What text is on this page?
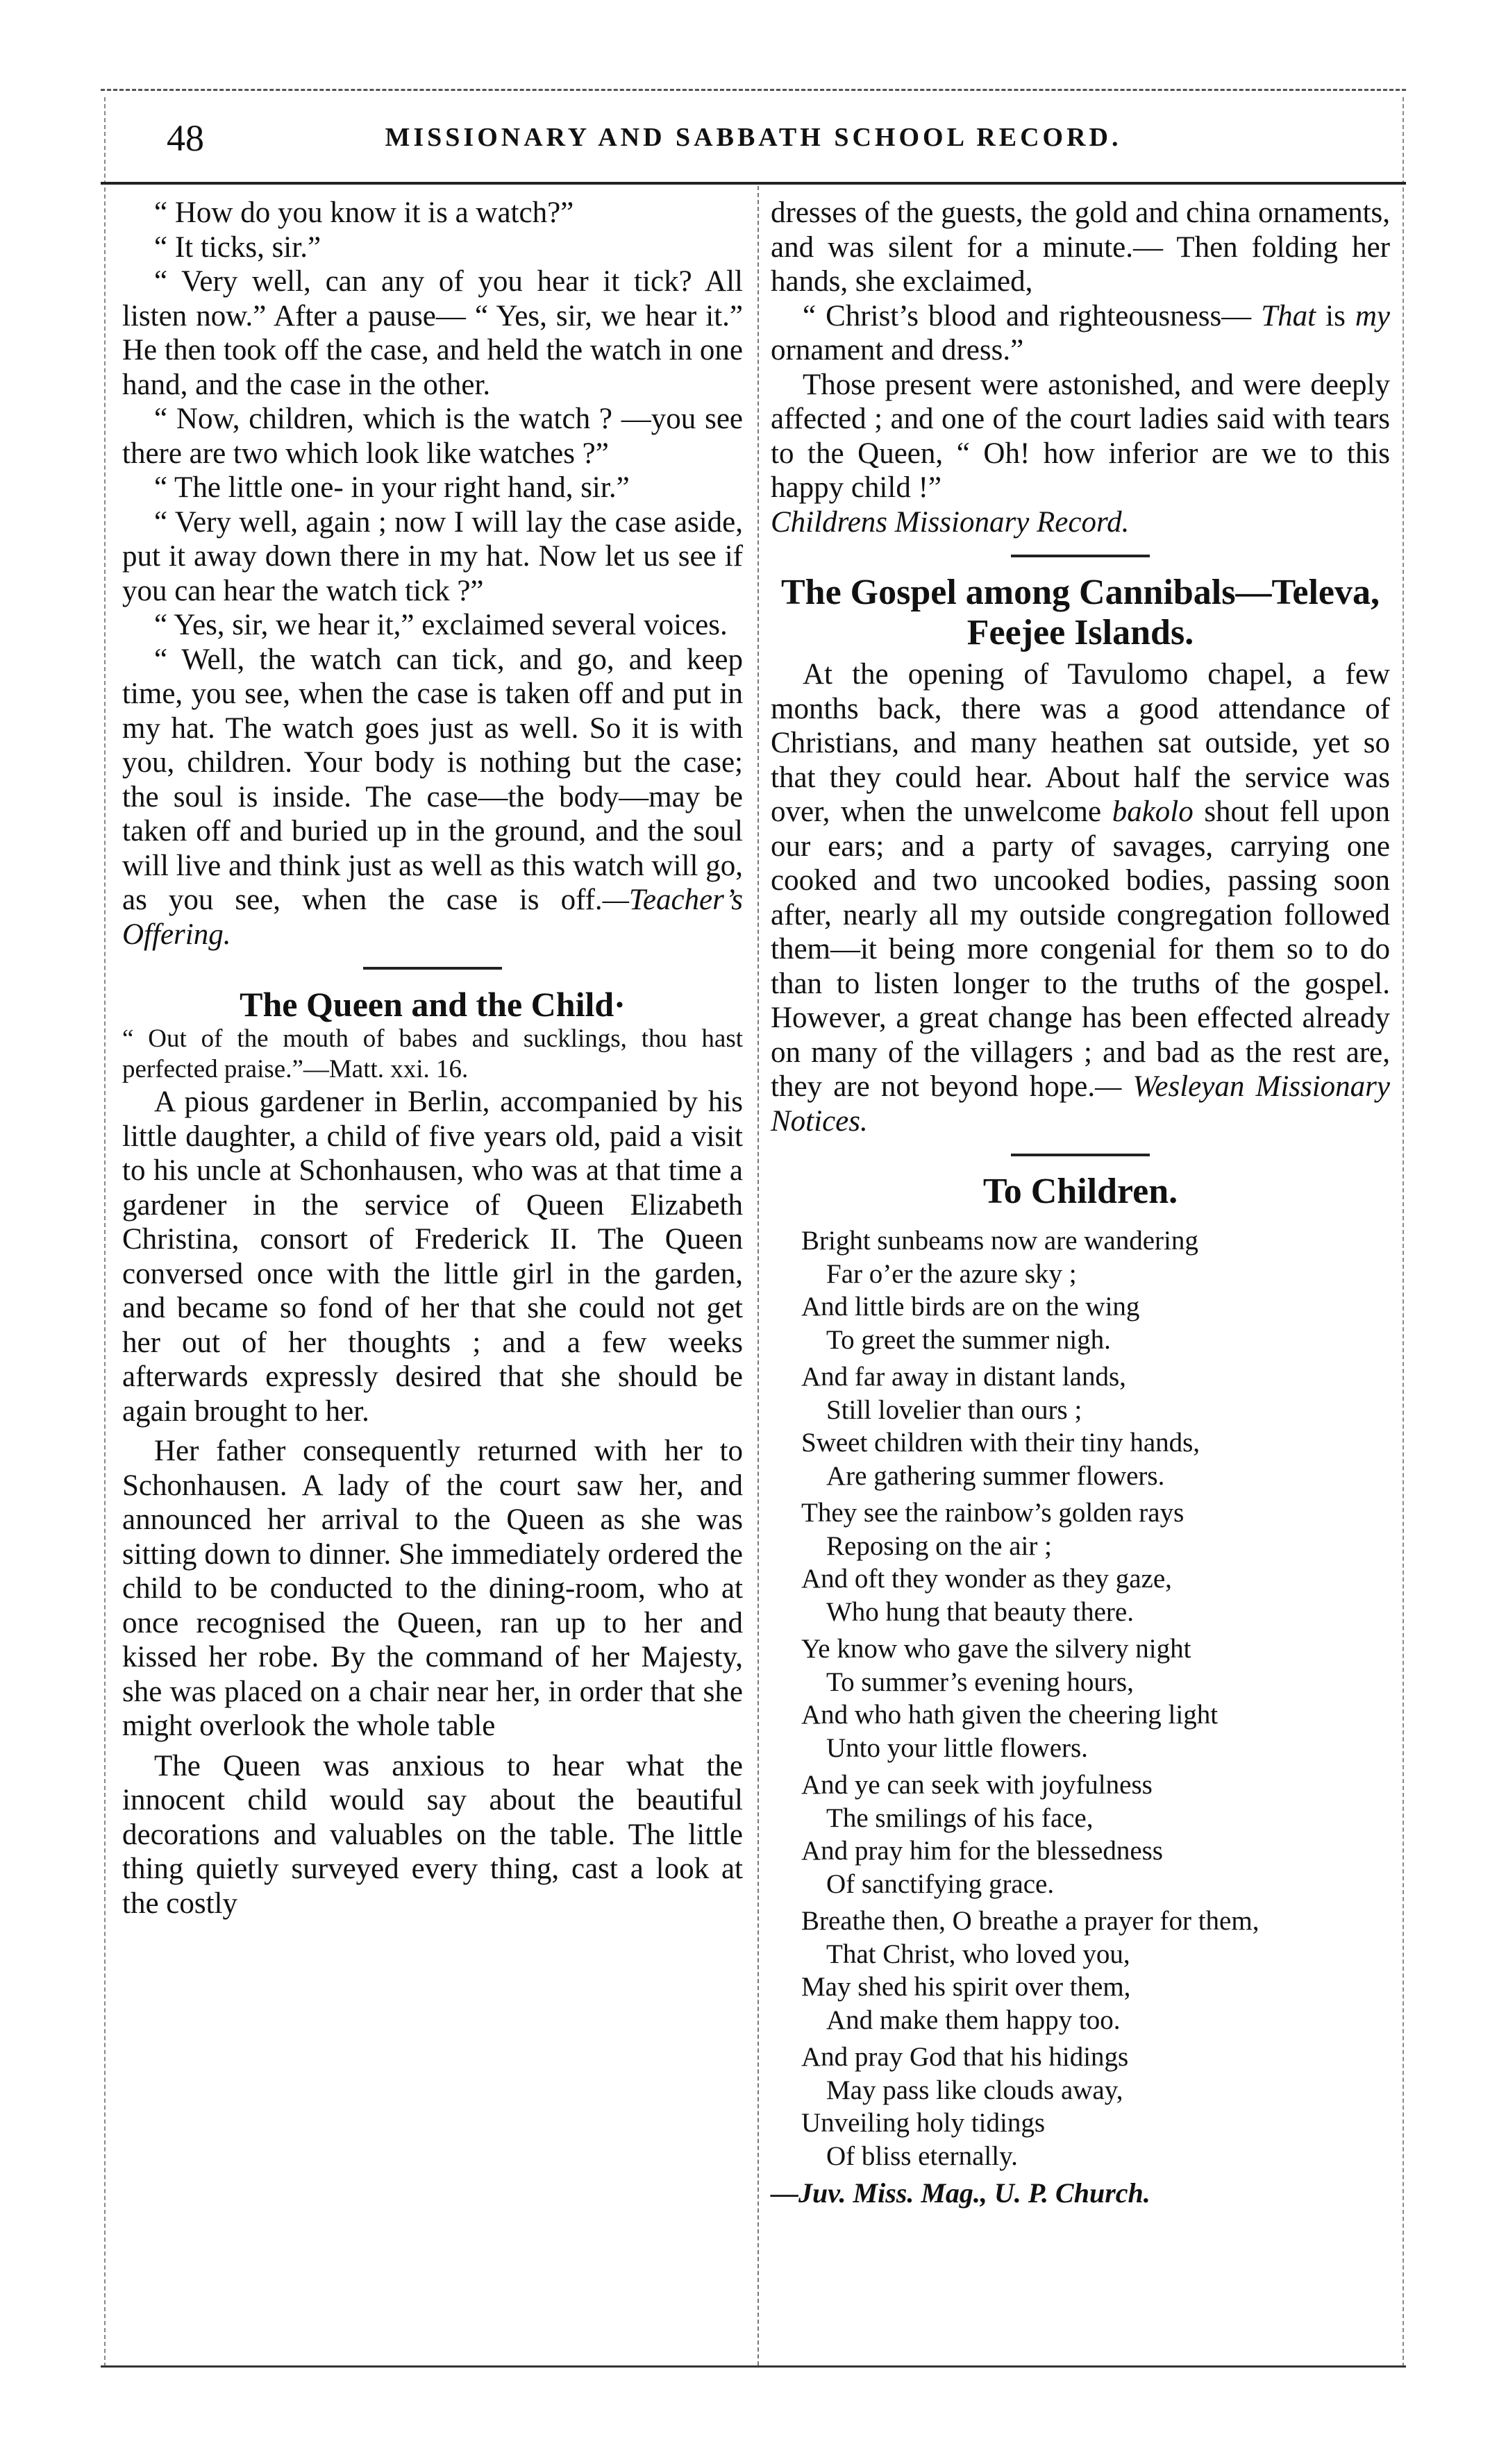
48	MISSIONARY AND SABBATH SCHOOL RECORD.

“ How do you know it is a watch?”

“ It ticks, sir.”

“ Very well, can any of you hear it tick? All listen now.” After a pause— “ Yes, sir, we hear it.” He then took off the case, and held the watch in one hand, and the case in the other.

“ Now, children, which is the watch ? —you see there are two which look like watches ?”

“ The little one- in your right hand, sir.”

“ Very well, again ; now I will lay the case aside, put it away down there in my hat. Now let us see if you can hear the watch tick ?”

“ Yes, sir, we hear it,” exclaimed several voices.

“ Well, the watch can tick, and go, and keep time, you see, when the case is taken off and put in my hat. The watch goes just as well. So it is with you, children. Your body is nothing but the case; the soul is inside. The case—the body—may be taken off and buried up in the ground, and the soul will live and think just as well as this watch will go, as you see, when the case is off.—Teacher’s Offering.

The Queen and the Child·

“ Out of the mouth of babes and sucklings, thou hast perfected praise.”—Matt. xxi. 16.

A pious gardener in Berlin, accompanied by his little daughter, a child of five years old, paid a visit to his uncle at Schonhausen, who was at that time a gardener in the service of Queen Elizabeth Christina, consort of Frederick II. The Queen conversed once with the little girl in the garden, and became so fond of her that she could not get her out of her thoughts ; and a few weeks afterwards expressly desired that she should be again brought to her.

Her father consequently returned with her to Schonhausen. A lady of the court saw her, and announced her arrival to the Queen as she was sitting down to dinner. She immediately ordered the child to be conducted to the dining-room, who at once recognised the Queen, ran up to her and kissed her robe. By the command of her Majesty, she was placed on a chair near her, in order that she might overlook the whole table

The Queen was anxious to hear what the innocent child would say about the beautiful decorations and valuables on the table. The little thing quietly surveyed every thing, cast a look at the costly

dresses of the guests, the gold and china ornaments, and was silent for a minute.— Then folding her hands, she exclaimed,

“ Christ’s blood and righteousness— That is my ornament and dress.”

Those present were astonished, and were deeply affected ; and one of the court ladies said with tears to the Queen, “ Oh! how inferior are we to this happy child !”

Childrens Missionary Record.

The Gospel among Cannibals—Televa, Feejee Islands.

At the opening of Tavulomo chapel, a few months back, there was a good attendance of Christians, and many heathen sat outside, yet so that they could hear. About half the service was over, when the unwelcome bakolo shout fell upon our ears; and a party of savages, carrying one cooked and two uncooked bodies, passing soon after, nearly all my outside congregation followed them—it being more congenial for them so to do than to listen longer to the truths of the gospel. However, a great change has been effected already on many of the villagers ; and bad as the rest are, they are not beyond hope.— Wesleyan Missionary Notices.

To Children.
Bright sunbeams now are wandering
Far o’er the azure sky ;
And little birds are on the wing
To greet the summer nigh.
And far away in distant lands,
Still lovelier than ours ;
Sweet children with their tiny hands,
Are gathering summer flowers.
They see the rainbow’s golden rays
Reposing on the air ;
And oft they wonder as they gaze,
Who hung that beauty there.
Ye know who gave the silvery night
To summer’s evening hours,
And who hath given the cheering light
Unto your little flowers.
And ye can seek with joyfulness
The smilings of his face,
And pray him for the blessedness
Of sanctifying grace.
Breathe then, O breathe a prayer for them,
That Christ, who loved you,
May shed his spirit over them,
And make them happy too.
And pray God that his hidings
May pass like clouds away,
Unveiling holy tidings
Of bliss eternally.
—Juv. Miss. Mag., U. P. Church.
